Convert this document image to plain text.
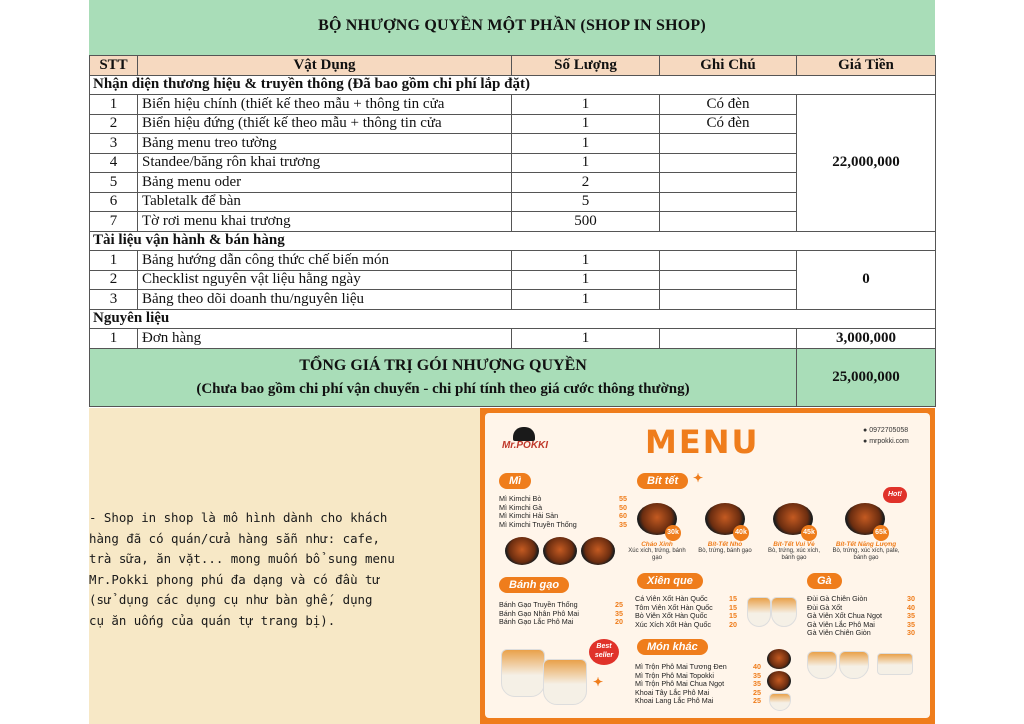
BỘ NHƯỢNG QUYỀN MỘT PHẦN (SHOP IN SHOP)
STT	Vật Dụng	Số Lượng	Ghi Chú	Giá Tiền
Nhận diện thương hiệu & truyền thông (Đã bao gồm chi phí lắp đặt)				
1	Biển hiệu chính (thiết kế theo mẫu + thông tin cửa	1	Có đèn	22,000,000
2	Biển hiệu đứng (thiết kế theo mẫu + thông tin cửa	1	Có đèn	
3	Bảng menu treo tường	1		
4	Standee/băng rôn khai trương	1		
5	Bảng menu oder	2		
6	Tabletalk để bàn	5		
7	Tờ rơi menu khai trương	500		
Tài liệu vận hành & bán hàng				
1	Bảng hướng dẫn công thức chế biến món	1		0
2	Checklist nguyên vật liệu hằng ngày	1		
3	Bảng theo dõi doanh thu/nguyên liệu	1		
Nguyên liệu				
1	Đơn hàng	1		3,000,000

TỔNG GIÁ TRỊ GÓI NHƯỢNG QUYỀN
(Chưa bao gồm chi phí vận chuyển - chi phí tính theo giá cước thông thường)				25,000,000
- Shop in shop là mô hình dành cho khách
hàng đã có quán/cửa hàng sẵn như: cafe,
trà sữa, ăn vặt... mong muốn bổ sung menu
Mr.Pokki phong phú đa dạng và có đầu tư
(sử dụng các dụng cụ như bàn ghế, dụng
cụ ăn uống của quán tự trang bị).
Mr.POKKI	MENU	● 0972705058
● mrpokki.com
Mì
Mì Kimchi Bò	55
Mì Kimchi Gà	50
Mì Kimchi Hải Sản	60
Mì Kimchi Truyền Thống	35
Bít tết	✦
30k
Cháo Xinh
Xúc xích, trứng, bánh gạo
40k
Bít-Tết Nhỏ
Bò, trứng, bánh gạo
45k
Bít-Tết Vui Vẻ
Bò, trứng, xúc xích, bánh gạo
65k
Hot!
Bít-Tết Năng Lượng
Bò, trứng, xúc xích, pate, bánh gạo
Bánh gạo
Bánh Gạo Truyền Thống	25
Bánh Gạo Nhân Phô Mai	35
Bánh Gạo Lắc Phô Mai	20
Best
seller
✦
Xiên que
Cá Viên Xốt Hàn Quốc	15
Tôm Viên Xốt Hàn Quốc	15
Bò Viên Xốt Hàn Quốc	15
Xúc Xích Xốt Hàn Quốc	20
Gà
Đùi Gà Chiên Giòn	30
Đùi Gà Xốt	40
Gà Viên Xốt Chua Ngọt	35
Gà Viên Lắc Phô Mai	35
Gà Viên Chiên Giòn	30
Món khác
Mì Trộn Phô Mai Tương Đen	40
Mì Trộn Phô Mai Topokki	35
Mì Trộn Phô Mai Chua Ngọt	35
Khoai Tây Lắc Phô Mai	25
Khoai Lang Lắc Phô Mai	25
